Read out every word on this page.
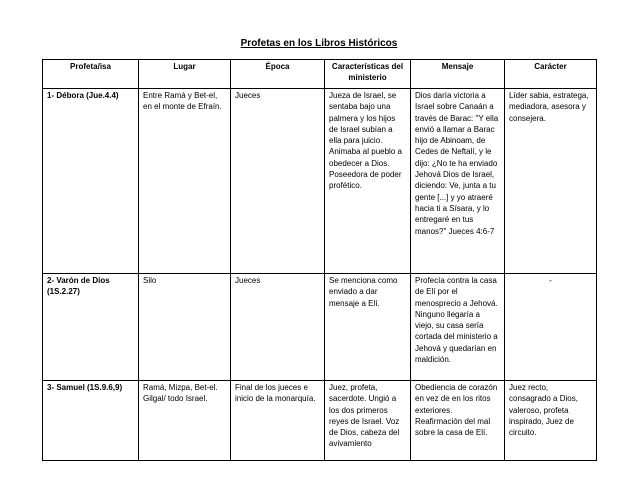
Profetas en los Libros Históricos
Profeta/isa	Lugar	Época	Características del ministerio	Mensaje	Carácter
1- Débora (Jue.4.4)	Entre Ramá y Bet-el, en el monte de Efraín.	Jueces	Jueza de Israel, se sentaba bajo una palmera y los hijos de Israel subían a ella para juicio. Animaba al pueblo a obedecer a Dios. Poseedora de poder profético.	Dios daría victoria a Israel sobre Canaán a través de Barac: "Y ella envió a llamar a Barac hijo de Abinoam, de Cedes de Neftalí, y le dijo: ¿No te ha enviado Jehová Dios de Israel, diciendo: Ve, junta a tu gente [...] y yo atraeré hacia ti a Sísara, y lo entregaré en tus manos?" Jueces 4:6-7	Líder sabia, estratega, mediadora, asesora y consejera.
2- Varón de Dios (1S.2.27)	Silo	Jueces	Se menciona como enviado a dar mensaje a Elí.	Profecía contra la casa de Elí por el menosprecio a Jehová. Ninguno llegaría a viejo, su casa sería cortada del ministerio a Jehová y quedarían en maldición.	-
3- Samuel (1S.9.6,9)	Ramá, Mizpa, Bet-el. Gilgal/ todo Israel.	Final de los jueces e inicio de la monarquía.	Juez, profeta, sacerdote. Ungió a los dos primeros reyes de Israel. Voz de Dios, cabeza del avivamiento	Obediencia de corazón en vez de en los ritos exteriores. Reafirmación del mal sobre la casa de Elí.	Juez recto, consagrado a Dios, valeroso, profeta inspirado, Juez de circuito.
